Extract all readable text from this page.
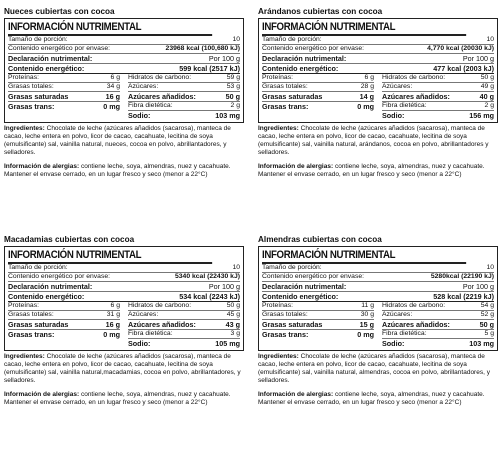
Nueces cubiertas con cocoa
INFORMACIÓN NUTRIMENTAL
Tamaño de porción:	10
Contenido energético por envase:	23968 kcal (100,680 kJ)
Declaración nutrimental:	Por 100 g
Contenido energético:	599 kcal (2517 kJ)
Proteínas:	6 g
Grasas totales:	34 g
Grasas saturadas	16 g
Grasas trans:	0 mg
Hidratos de carbono:	59 g
Azúcares:	53 g
Azúcares añadidos:	50 g
Fibra dietética:	2 g
Sodio:	103 mg
Ingredientes: Chocolate de leche (azúcares añadidos (sacarosa), manteca de cacao, leche entera en polvo, licor de cacao, cacahuate, lecitina de soya (emulsificante) sal, vainilla natural, nueces, cocoa en polvo, abrillantadores, y selladores.
Información de alergias: contiene leche, soya, almendras, nuez y cacahuate. Mantener el envase cerrado, en un lugar fresco y seco (menor a 22°C)
Arándanos cubiertas con cocoa
INFORMACIÓN NUTRIMENTAL
Tamaño de porción:	10
Contenido energético por envase:	4,770 kcal (20030 kJ)
Declaración nutrimental:	Por 100 g
Contenido energético:	477 kcal (2003 kJ)
Proteínas:	6 g
Grasas totales:	28 g
Grasas saturadas	14 g
Grasas trans:	0 mg
Hidratos de carbono:	50 g
Azúcares:	49 g
Azúcares añadidos:	40 g
Fibra dietética:	2 g
Sodio:	156 mg
Ingredientes: Chocolate de leche (azúcares añadidos (sacarosa), manteca de cacao, leche entera en polvo, licor de cacao, cacahuate, lecitina de soya (emulsificante) sal, vainilla natural, arándanos, cocoa en polvo, abrillantadores y selladores.
Información de alergias: contiene leche, soya, almendras, nuez y cacahuate. Mantener el envase cerrado, en un lugar fresco y seco (menor a 22°C)
Macadamias cubiertas con cocoa
INFORMACIÓN NUTRIMENTAL
Tamaño de porción:	10
Contenido energético por envase:	5340 kcal (22430 kJ)
Declaración nutrimental:	Por 100 g
Contenido energético:	534 kcal (2243 kJ)
Proteínas:	6 g
Grasas totales:	31 g
Grasas saturadas	16 g
Grasas trans:	0 mg
Hidratos de carbono:	50 g
Azúcares:	45 g
Azúcares añadidos:	43 g
Fibra dietética:	3 g
Sodio:	105 mg
Ingredientes: Chocolate de leche (azúcares añadidos (sacarosa), manteca de cacao, leche entera en polvo, licor de cacao, cacahuate, lecitina de soya (emulsificante) sal, vainilla natural,macadamias, cocoa en polvo, abrillantadores, y selladores.
Información de alergias: contiene leche, soya, almendras, nuez y cacahuate. Mantener el envase cerrado, en un lugar fresco y seco (menor a 22°C)
Almendras cubiertas con cocoa
INFORMACIÓN NUTRIMENTAL
Tamaño de porción:	10
Contenido energético por envase:	5280kcal (22190 kJ)
Declaración nutrimental:	Por 100 g
Contenido energético:	528 kcal (2219 kJ)
Proteínas:	11 g
Grasas totales:	30 g
Grasas saturadas	15 g
Grasas trans:	0 mg
Hidratos de carbono:	54 g
Azúcares:	52 g
Azúcares añadidos:	50 g
Fibra dietética:	5 g
Sodio:	103 mg
Ingredientes: Chocolate de leche (azúcares añadidos (sacarosa), manteca de cacao, leche entera en polvo, licor de cacao, cacahuate, lecitina de soya (emulsificante) sal, vainilla natural, almendras, cocoa en polvo, abrillantadores, y selladores.
Información de alergias: contiene leche, soya, almendras, nuez y cacahuate. Mantener el envase cerrado, en un lugar fresco y seco (menor a 22°C)
